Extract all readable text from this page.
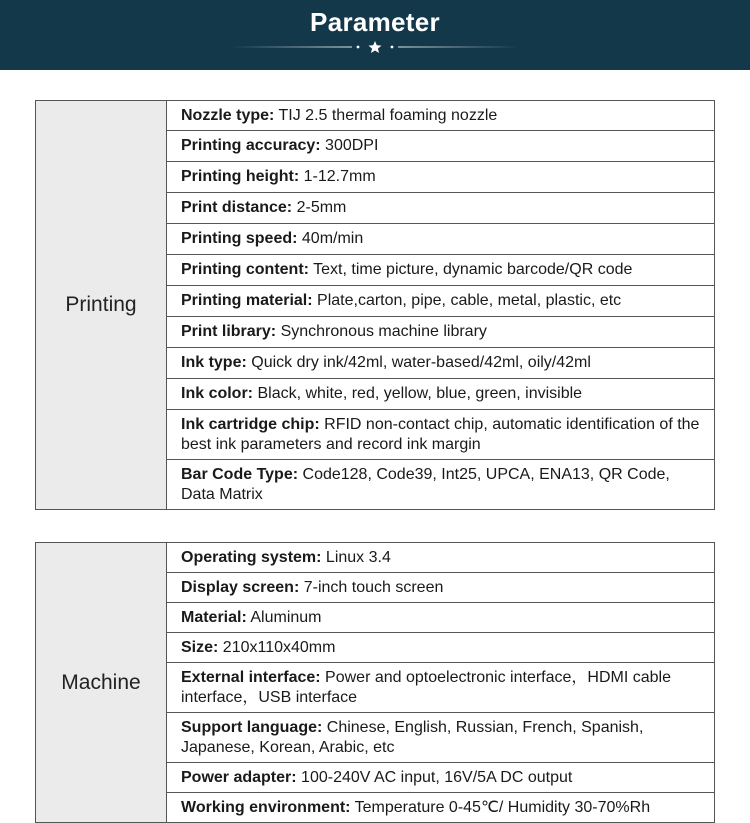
Parameter
Printing	Nozzle type: TIJ 2.5 thermal foaming nozzle
Printing accuracy: 300DPI
Printing height: 1-12.7mm
Print distance: 2-5mm
Printing speed: 40m/min
Printing content: Text, time picture, dynamic barcode/QR code
Printing material: Plate,carton, pipe, cable, metal, plastic, etc
Print library: Synchronous machine library
Ink type: Quick dry ink/42ml, water-based/42ml, oily/42ml
Ink color: Black, white, red, yellow, blue, green, invisible
Ink cartridge chip: RFID non-contact chip, automatic identification of the best ink parameters and record ink margin
Bar Code Type: Code128, Code39, Int25, UPCA, ENA13, QR Code, Data Matrix
Machine	Operating system: Linux 3.4
Display screen: 7-inch touch screen
Material: Aluminum
Size: 210x110x40mm
External interface: Power and optoelectronic interface，HDMI cable interface，USB interface
Support language: Chinese, English, Russian, French, Spanish, Japanese, Korean, Arabic, etc
Power adapter: 100-240V AC input, 16V/5A DC output
Working environment: Temperature 0-45℃/ Humidity 30-70%Rh
